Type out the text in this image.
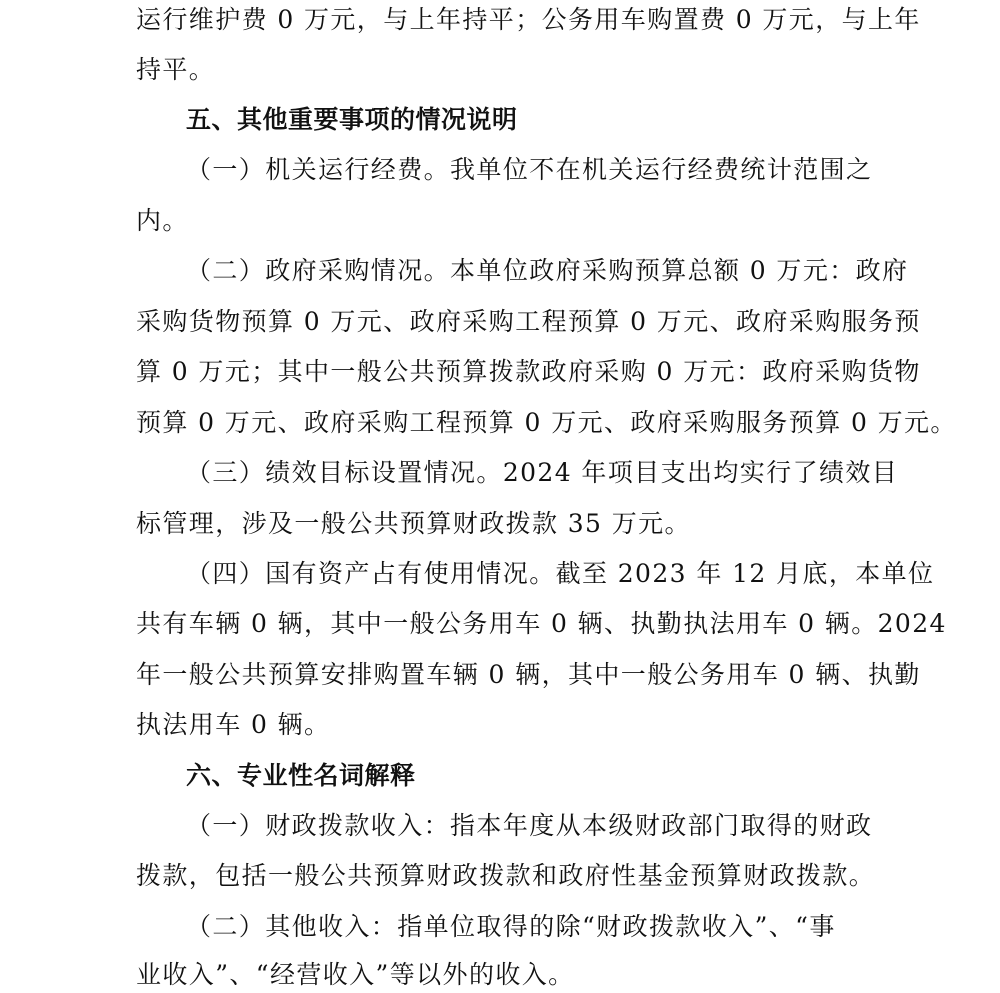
运行维护费 0 万元，与上年持平；公务用车购置费 0 万元，与上年
持平。
五、其他重要事项的情况说明
（一）机关运行经费。我单位不在机关运行经费统计范围之
内。
（二）政府采购情况。本单位政府采购预算总额 0 万元：政府
采购货物预算 0 万元、政府采购工程预算 0 万元、政府采购服务预
算 0 万元；其中一般公共预算拨款政府采购 0 万元：政府采购货物
预算 0 万元、政府采购工程预算 0 万元、政府采购服务预算 0 万元。
（三）绩效目标设置情况。2024 年项目支出均实行了绩效目
标管理，涉及一般公共预算财政拨款 35 万元。
（四）国有资产占有使用情况。截至 2023 年 12 月底，本单位
共有车辆 0 辆，其中一般公务用车 0 辆、执勤执法用车 0 辆。2024
年一般公共预算安排购置车辆 0 辆，其中一般公务用车 0 辆、执勤
执法用车 0 辆。
六、专业性名词解释
（一）财政拨款收入：指本年度从本级财政部门取得的财政
拨款，包括一般公共预算财政拨款和政府性基金预算财政拨款。
（二）其他收入：指单位取得的除“财政拨款收入”、“事
业收入”、“经营收入”等以外的收入。
